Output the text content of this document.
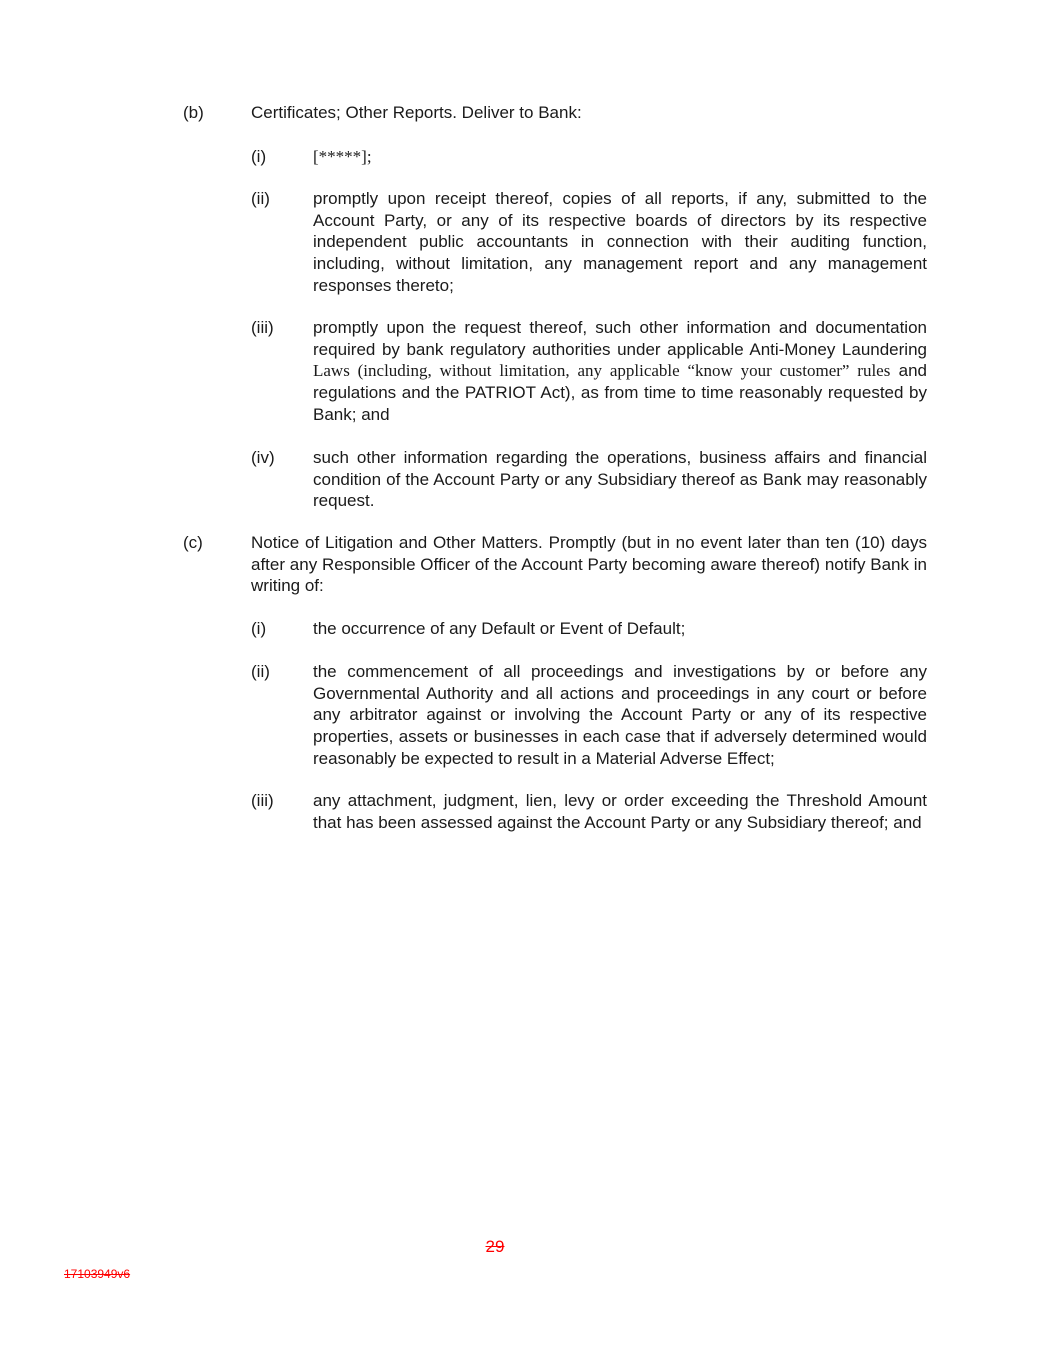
(b)	Certificates; Other Reports. Deliver to Bank:
(i)	[*****];
(ii)	promptly upon receipt thereof, copies of all reports, if any, submitted to the Account Party, or any of its respective boards of directors by its respective independent public accountants in connection with their auditing function, including, without limitation, any management report and any management responses thereto;
(iii) promptly upon the request thereof, such other information and documentation required by bank regulatory authorities under applicable Anti-Money Laundering Laws (including, without limitation, any applicable “know your customer” rules and regulations and the PATRIOT Act), as from time to time reasonably requested by Bank; and
(iv) such other information regarding the operations, business affairs and financial condition of the Account Party or any Subsidiary thereof as Bank may reasonably request.
(c)	Notice of Litigation and Other Matters. Promptly (but in no event later than ten (10) days after any Responsible Officer of the Account Party becoming aware thereof) notify Bank in writing of:
(i)	the occurrence of any Default or Event of Default;
(ii)	the commencement of all proceedings and investigations by or before any Governmental Authority and all actions and proceedings in any court or before any arbitrator against or involving the Account Party or any of its respective properties, assets or businesses in each case that if adversely determined would reasonably be expected to result in a Material Adverse Effect;
(iii) any attachment, judgment, lien, levy or order exceeding the Threshold Amount that has been assessed against the Account Party or any Subsidiary thereof; and
29
17103949v6
